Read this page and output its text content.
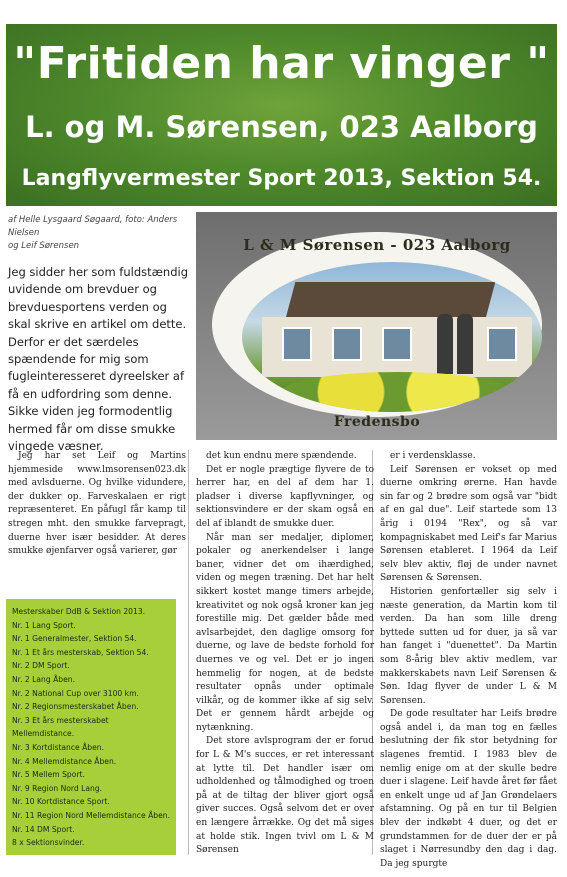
"Fritiden har vinger "
L. og M. Sørensen, 023 Aalborg
Langflyvermester Sport 2013, Sektion 54.
af Helle Lysgaard Søgaard, foto: Anders Nielsen
og Leif Sørensen	L & M Sørensen - 023 Aalborg
Fredensbo
Jeg sidder her som fuldstændig uvidende om brevduer og brevduesportens verden og skal skrive en artikel om dette. Derfor er det særdeles spændende for mig som fugleinteresseret dyreelsker af få en udfordring som denne. Sikke viden jeg formodentlig hermed får om disse smukke vingede væsner.

Jeg har set Leif og Martins hjemmeside www.lmsorensen023.dk med avlsduerne. Og hvilke vidundere, der dukker op. Farveskalaen er rigt repræsenteret. En påfugl får kamp til stregen mht. den smukke farvepragt, duerne hver især besidder. At deres smukke øjenfarver også varierer, gør

Mesterskaber DdB & Sektion 2013.
Nr. 1 Lang Sport.
Nr. 1 Generalmester, Sektion 54.
Nr. 1 Et års mesterskab, Sektion 54.
Nr. 2 DM Sport.
Nr. 2 Lang Åben.
Nr. 2 National Cup over 3100 km.
Nr. 2 Regionsmesterskabet Åben.
Nr. 3 Et års mesterskabet Mellemdistance.
Nr. 3 Kortdistance Åben.
Nr. 4 Mellemdistance Åben.
Nr. 5 Mellem Sport.
Nr. 9 Region Nord Lang.
Nr. 10 Kortdistance Sport.
Nr. 11 Region Nord Mellemdistance Åben.
Nr. 14 DM Sport.
8 x Sektionsvinder.

det kun endnu mere spændende.

Det er nogle prægtige flyvere de to herrer har, en del af dem har 1. pladser i diverse kapflyvninger, og sektionsvindere er der skam også en del af iblandt de smukke duer.

Når man ser medaljer, diplomer, pokaler og anerkendelser i lange baner, vidner det om ihærdighed, viden og megen træning. Det har helt sikkert kostet mange timers arbejde, kreativitet og nok også kroner kan jeg forestille mig. Det gælder både med avlsarbejdet, den daglige omsorg for duerne, og lave de bedste forhold for duernes ve og vel. Det er jo ingen hemmelig for nogen, at de bedste resultater opnås under optimale vilkår, og de kommer ikke af sig selv. Det er gennem hårdt arbejde og nytænkning.

Det store avlsprogram der er forud for L & M's succes, er ret interessant at lytte til. Det handler især om udholdenhed og tålmodighed og troen på at de tiltag der bliver gjort også giver succes. Også selvom det er over en længere årrække. Og det må siges at holde stik. Ingen tvivl om L & M Sørensen

er i verdensklasse.

Leif Sørensen er vokset op med duerne omkring ørerne. Han havde sin far og 2 brødre som også var "bidt af en gal due". Leif startede som 13 årig i 0194 "Rex", og så var kompagniskabet med Leif's far Marius Sørensen etableret. I 1964 da Leif selv blev aktiv, fløj de under navnet Sørensen & Sørensen.

Historien genfortæller sig selv i næste generation, da Martin kom til verden. Da han som lille dreng byttede sutten ud for duer, ja så var han fanget i "duenettet". Da Martin som 8-årig blev aktiv medlem, var makkerskabets navn Leif Sørensen & Søn. Idag flyver de under L & M Sørensen.

De gode resultater har Leifs brødre også andel i, da man tog en fælles beslutning der fik stor betydning for slagenes fremtid. I 1983 blev de nemlig enige om at der skulle bedre duer i slagene. Leif havde året før fået en enkelt unge ud af Jan Grøndelaers afstamning. Og på en tur til Belgien blev der indkøbt 4 duer, og det er grundstammen for de duer der er på slaget i Nørresundby den dag i dag. Da jeg spurgte
